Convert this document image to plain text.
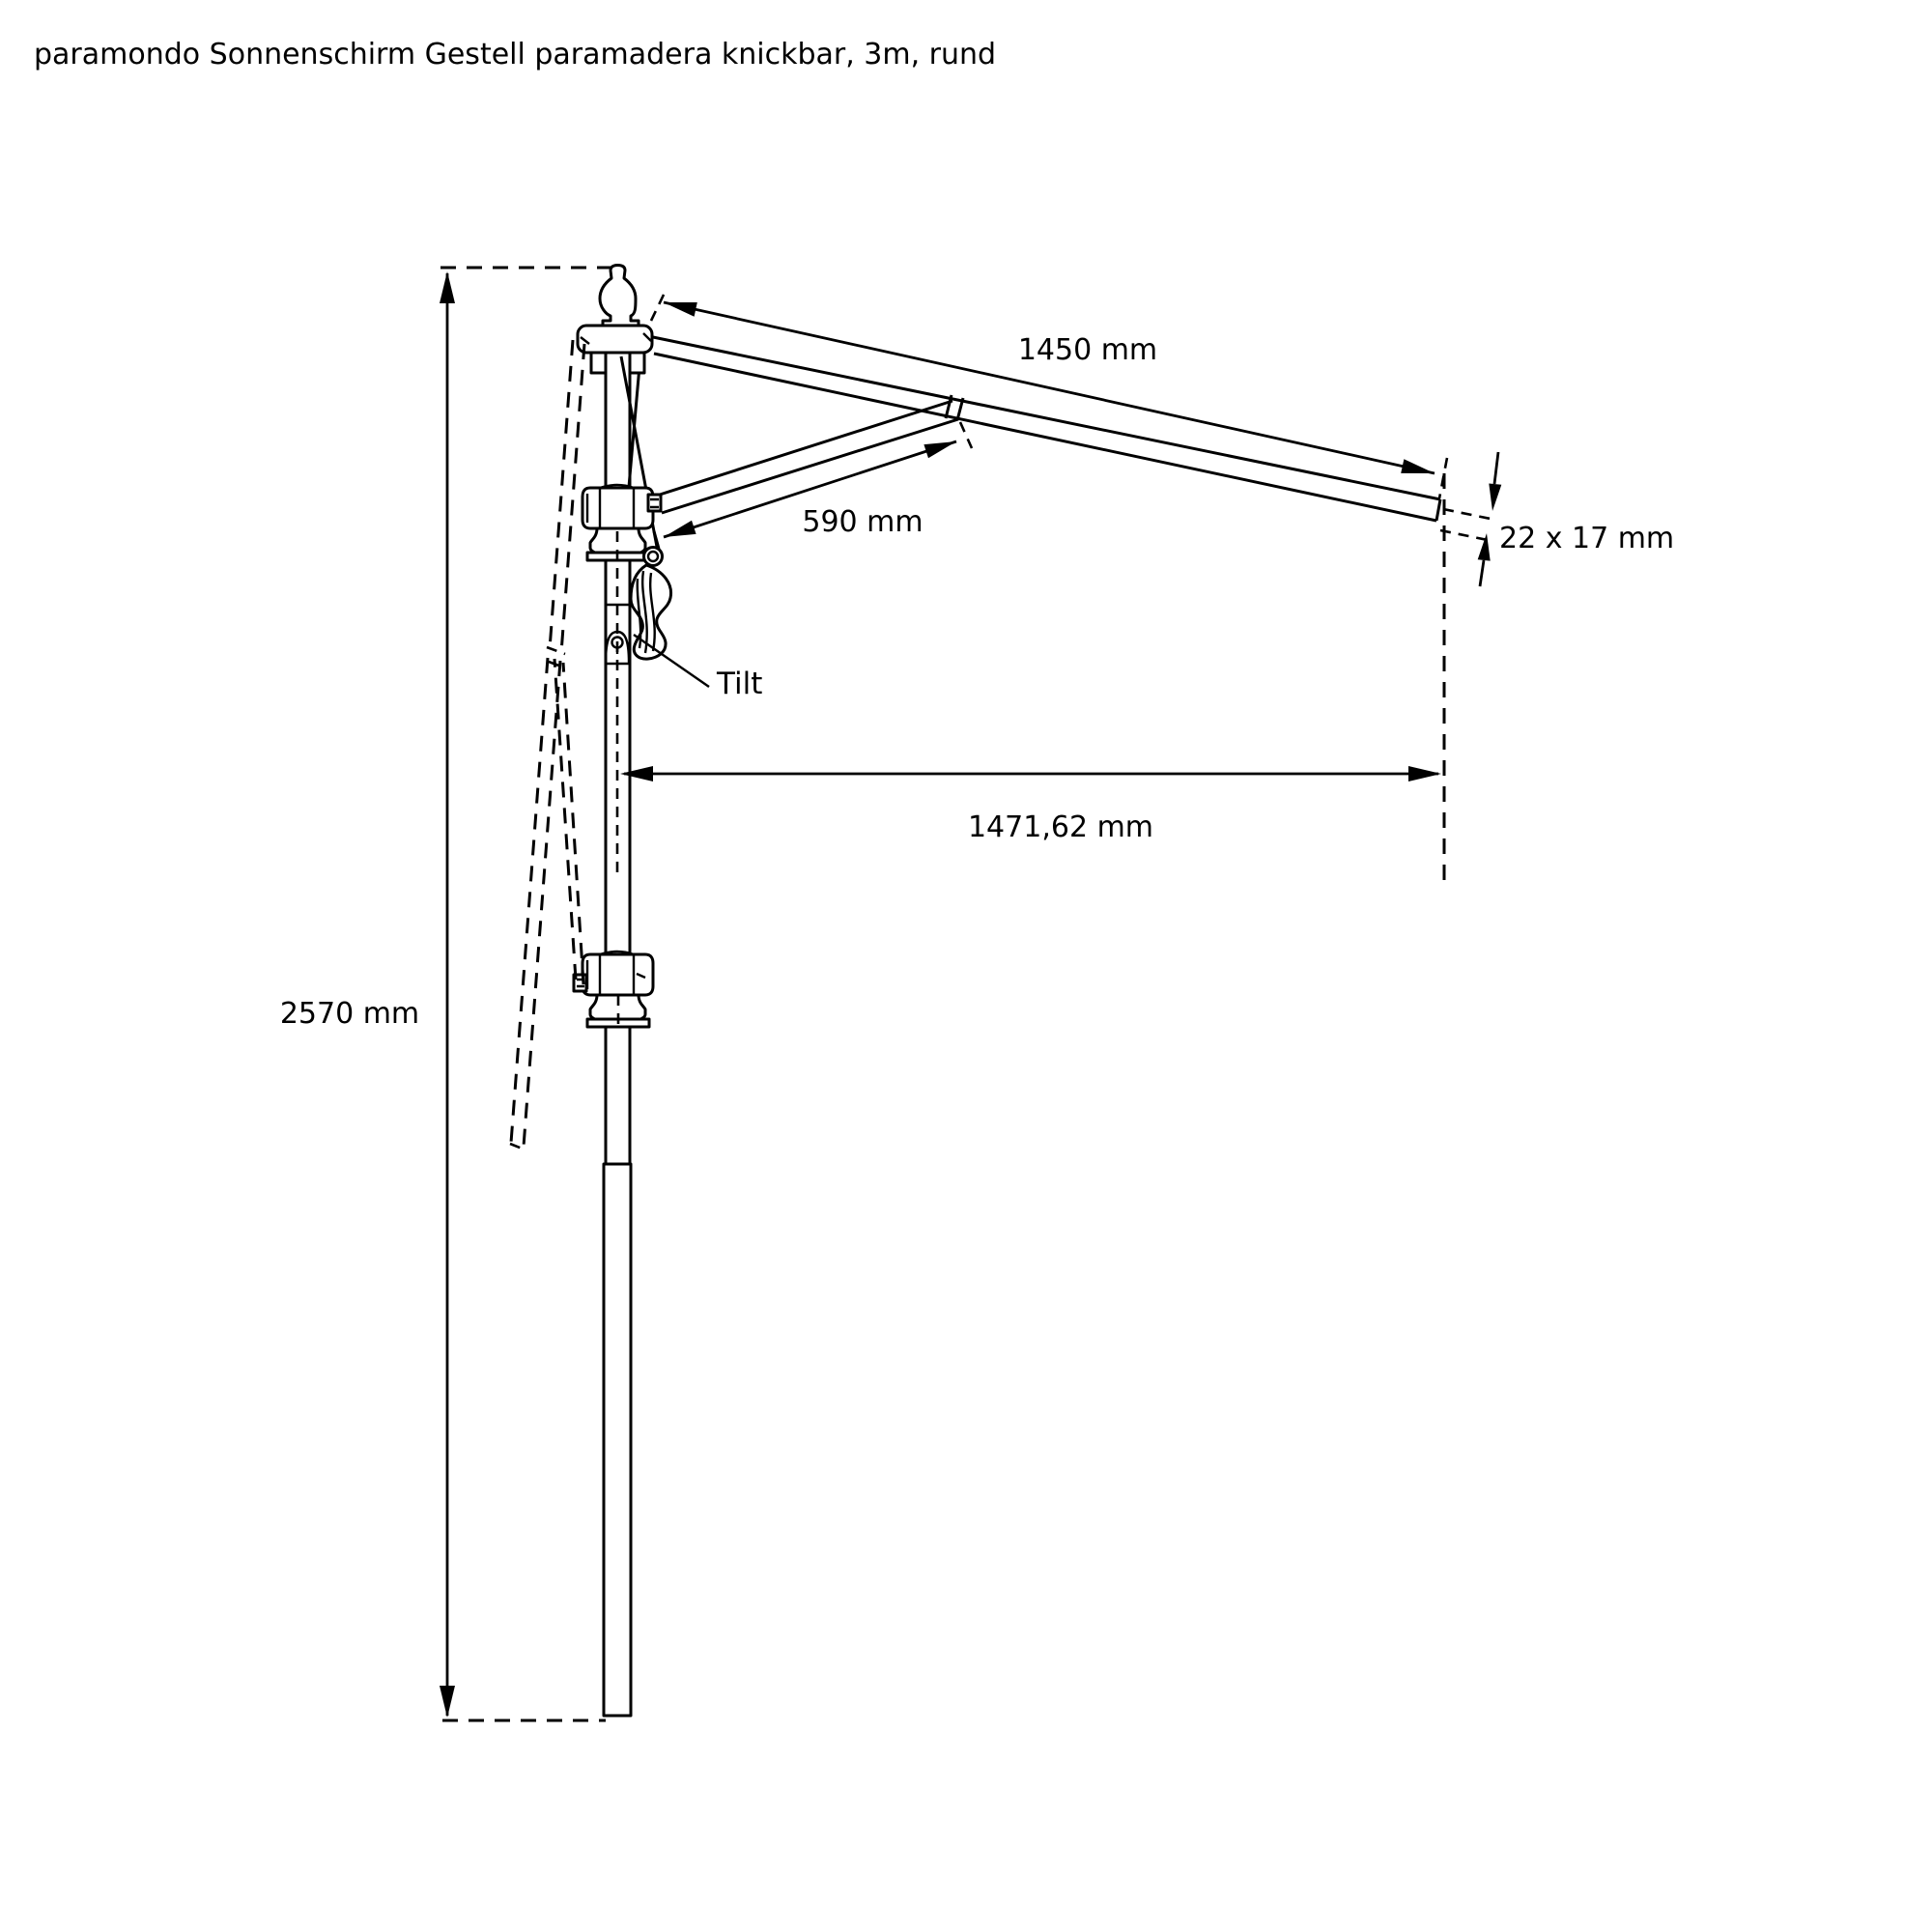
paramondo Sonnenschirm Gestell paramadera knickbar, 3m, rund
2570 mm
1450 mm
590 mm	22 x 17 mm
1471,62 mm
Tilt
